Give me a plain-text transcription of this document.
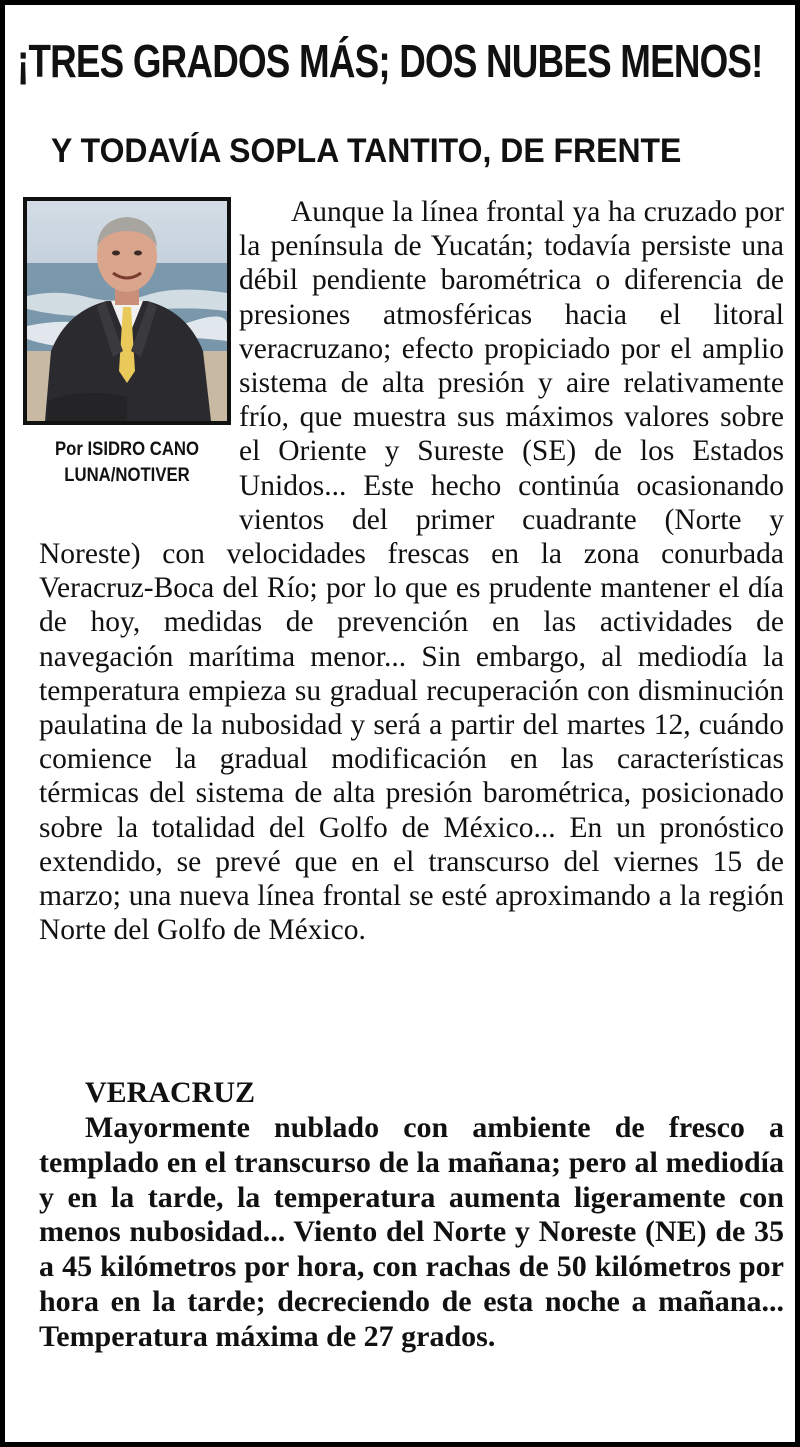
¡TRES GRADOS MÁS; DOS NUBES MENOS!
Y TODAVÍA SOPLA TANTITO, DE FRENTE

Por ISIDRO CANO
LUNA/NOTIVER

Aunque la línea frontal ya ha cruzado por la península de Yucatán; todavía persiste una débil pendiente barométrica o diferencia de presiones atmosféricas hacia el litoral veracruzano; efecto propiciado por el amplio sistema de alta presión y aire relativamente frío, que muestra sus máximos valores sobre el Oriente y Sureste (SE) de los Estados Unidos... Este hecho continúa ocasionando vientos del primer cuadrante (Norte y Noreste) con velocidades frescas en la zona conurbada Veracruz-Boca del Río; por lo que es prudente mantener el día de hoy, medidas de prevención en las actividades de navegación marítima menor... Sin embargo, al mediodía la temperatura empieza su gradual recuperación con disminución paulatina de la nubosidad y será a partir del martes 12, cuándo comience la gradual modificación en las características térmicas del sistema de alta presión barométrica, posicionado sobre la totalidad del Golfo de México... En un pronóstico extendido, se prevé que en el transcurso del viernes 15 de marzo; una nueva línea frontal se esté aproximando a la región Norte del Golfo de México.

VERACRUZ

Mayormente nublado con ambiente de fresco a templado en el transcurso de la mañana; pero al mediodía y en la tarde, la temperatura aumenta ligeramente con menos nubosidad... Viento del Norte y Noreste (NE) de 35 a 45 kilómetros por hora, con rachas de 50 kilómetros por hora en la tarde; decreciendo de esta noche a mañana... Temperatura máxima de 27 grados.
